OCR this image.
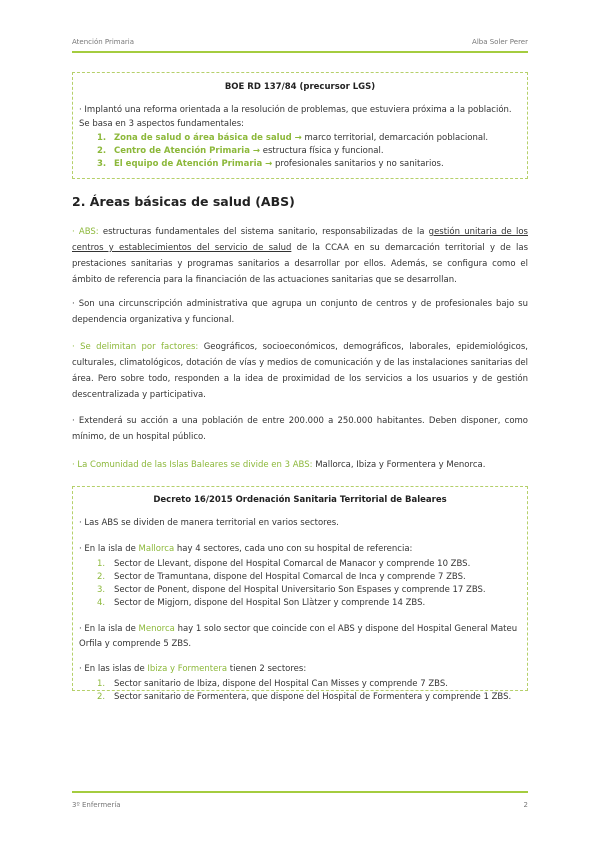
Atención Primaria	Alba Soler Perer
BOE RD 137/84 (precursor LGS)
· Implantó una reforma orientada a la resolución de problemas, que estuviera próxima a la población. Se basa en 3 aspectos fundamentales:
1. Zona de salud o área básica de salud → marco territorial, demarcación poblacional.
2. Centro de Atención Primaria → estructura física y funcional.
3. El equipo de Atención Primaria → profesionales sanitarios y no sanitarios.
2. Áreas básicas de salud (ABS)
· ABS: estructuras fundamentales del sistema sanitario, responsabilizadas de la gestión unitaria de los centros y establecimientos del servicio de salud de la CCAA en su demarcación territorial y de las prestaciones sanitarias y programas sanitarios a desarrollar por ellos. Además, se configura como el ámbito de referencia para la financiación de las actuaciones sanitarias que se desarrollan.
· Son una circunscripción administrativa que agrupa un conjunto de centros y de profesionales bajo su dependencia organizativa y funcional.
· Se delimitan por factores: Geográficos, socioeconómicos, demográficos, laborales, epidemiológicos, culturales, climatológicos, dotación de vías y medios de comunicación y de las instalaciones sanitarias del área. Pero sobre todo, responden a la idea de proximidad de los servicios a los usuarios y de gestión descentralizada y participativa.
· Extenderá su acción a una población de entre 200.000 a 250.000 habitantes. Deben disponer, como mínimo, de un hospital público.
· La Comunidad de las Islas Baleares se divide en 3 ABS: Mallorca, Ibiza y Formentera y Menorca.
Decreto 16/2015 Ordenación Sanitaria Territorial de Baleares
· Las ABS se dividen de manera territorial en varios sectores.
· En la isla de Mallorca hay 4 sectores, cada uno con su hospital de referencia:
1. Sector de Llevant, dispone del Hospital Comarcal de Manacor y comprende 10 ZBS.
2. Sector de Tramuntana, dispone del Hospital Comarcal de Inca y comprende 7 ZBS.
3. Sector de Ponent, dispone del Hospital Universitario Son Espases y comprende 17 ZBS.
4. Sector de Migjorn, dispone del Hospital Son Llàtzer y comprende 14 ZBS.
· En la isla de Menorca hay 1 solo sector que coincide con el ABS y dispone del Hospital General Mateu Orfila y comprende 5 ZBS.
· En las islas de Ibiza y Formentera tienen 2 sectores:
1. Sector sanitario de Ibiza, dispone del Hospital Can Misses y comprende 7 ZBS.
2. Sector sanitario de Formentera, que dispone del Hospital de Formentera y comprende 1 ZBS.
3º Enfermería	2
